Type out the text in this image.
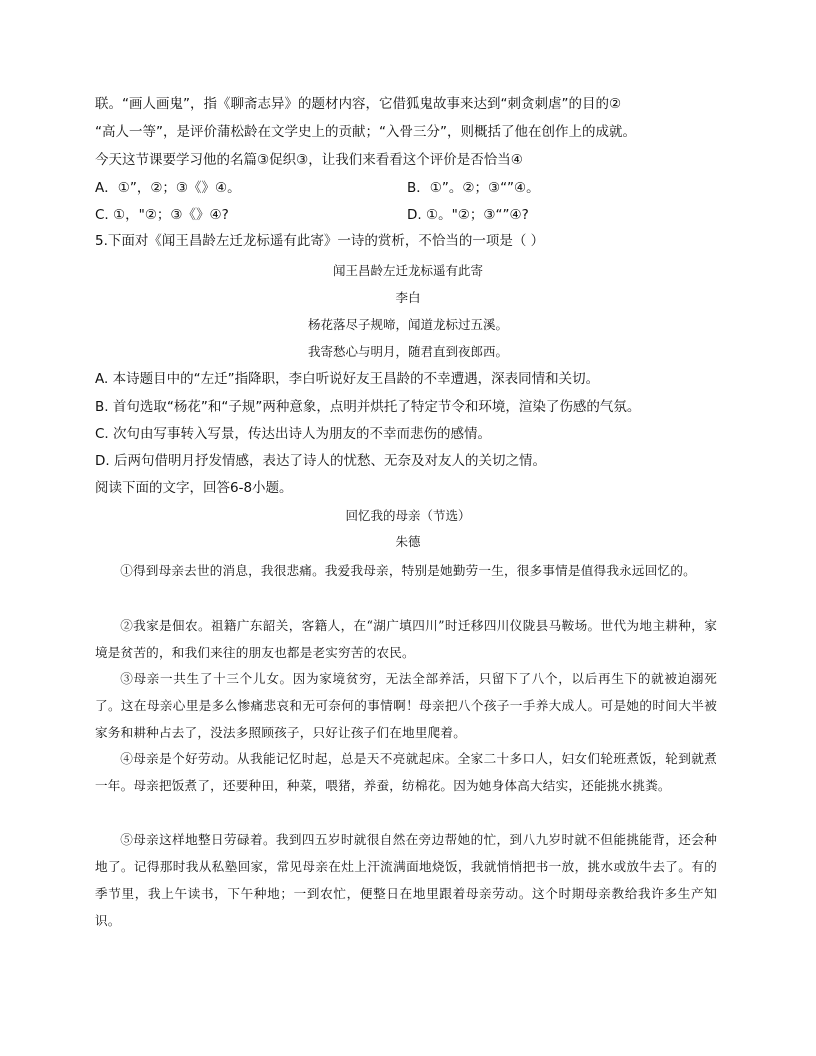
联。“画人画鬼”，指《聊斋志异》的题材内容，它借狐鬼故事来达到“刺贪刺虐”的目的②
“高人一等”，是评价蒲松龄在文学史上的贡献；“入骨三分”，则概括了他在创作上的成就。
今天这节课要学习他的名篇③促织③，让我们来看看这个评价是否恰当④
A．①”，②；③《》④。	B．①”。②；③“”④。
C. ①，"②；③《》④?	D. ①。"②；③“”④?
5.下面对《闻王昌龄左迁龙标遥有此寄》一诗的赏析，不恰当的一项是（ ）
闻王昌龄左迁龙标遥有此寄
李白
杨花落尽子规啼，闻道龙标过五溪。
我寄愁心与明月，随君直到夜郎西。
A. 本诗题目中的“左迁”指降职，李白听说好友王昌龄的不幸遭遇，深表同情和关切。
B. 首句选取“杨花”和“子规”两种意象，点明并烘托了特定节令和环境，渲染了伤感的气氛。
C. 次句由写事转入写景，传达出诗人为朋友的不幸而悲伤的感情。
D. 后两句借明月抒发情感，表达了诗人的忧愁、无奈及对友人的关切之情。
阅读下面的文字，回答6-8小题。
回忆我的母亲（节选）
朱德
①得到母亲去世的消息，我很悲痛。我爱我母亲，特别是她勤劳一生，很多事情是值得我永远回忆的。
②我家是佃农。祖籍广东韶关，客籍人，在“湖广填四川”时迁移四川仪陇县马鞍场。世代为地主耕种，家境是贫苦的，和我们来往的朋友也都是老实穷苦的农民。
③母亲一共生了十三个儿女。因为家境贫穷，无法全部养活，只留下了八个，以后再生下的就被迫溺死了。这在母亲心里是多么惨痛悲哀和无可奈何的事情啊！母亲把八个孩子一手养大成人。可是她的时间大半被家务和耕种占去了，没法多照顾孩子，只好让孩子们在地里爬着。
④母亲是个好劳动。从我能记忆时起，总是天不亮就起床。全家二十多口人，妇女们轮班煮饭，轮到就煮一年。母亲把饭煮了，还要种田，种菜，喂猪，养蚕，纺棉花。因为她身体高大结实，还能挑水挑粪。
⑤母亲这样地整日劳碌着。我到四五岁时就很自然在旁边帮她的忙，到八九岁时就不但能挑能背，还会种地了。记得那时我从私塾回家，常见母亲在灶上汗流满面地烧饭，我就悄悄把书一放，挑水或放牛去了。有的季节里，我上午读书，下午种地；一到农忙，便整日在地里跟着母亲劳动。这个时期母亲教给我许多生产知识。
